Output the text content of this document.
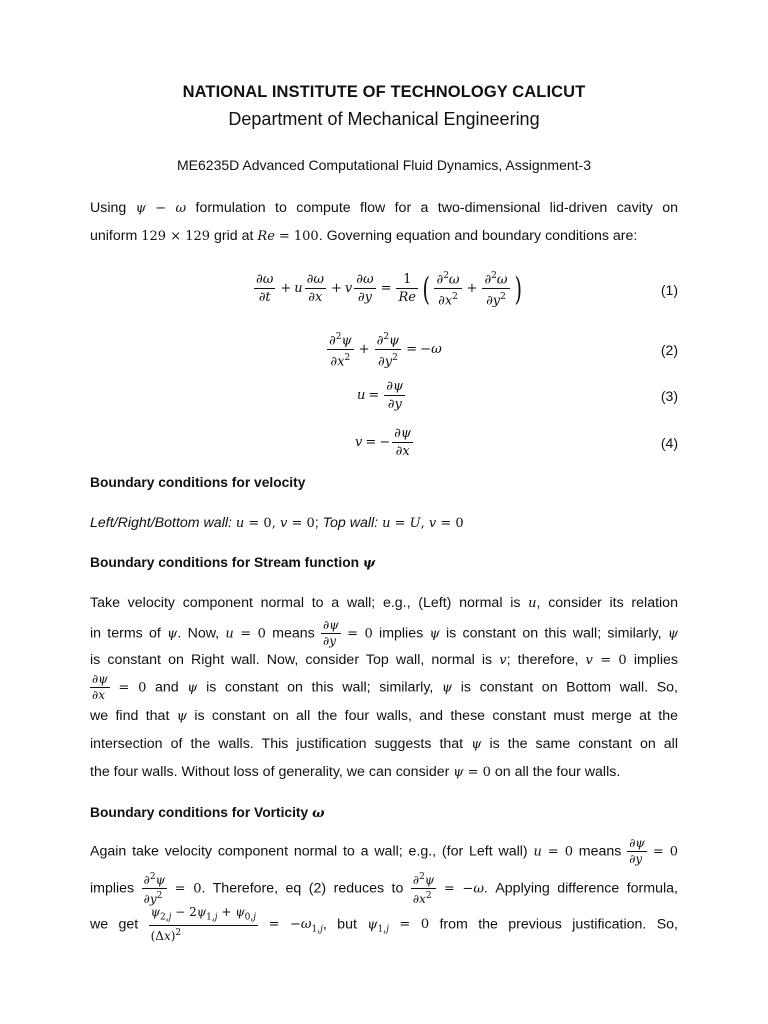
NATIONAL INSTITUTE OF TECHNOLOGY CALICUT
Department of Mechanical Engineering
ME6235D Advanced Computational Fluid Dynamics, Assignment-3
Using ψ − ω formulation to compute flow for a two-dimensional lid-driven cavity on
uniform 129 × 129 grid at Re = 100. Governing equation and boundary conditions are:
$\frac{\partial\omega}{\partial t} + u \frac{\partial\omega}{\partial x} + v \frac{\partial\omega}{\partial y} = \frac{1}{Re}$ ( $\frac{\partial^2\omega}{\partial x^2} + \frac{\partial^2\omega}{\partial y^2}$ )	(1)
$\frac{\partial^2\psi}{\partial x^2} + \frac{\partial^2\psi}{\partial y^2} = -\omega$	(2)
$u = \frac{\partial\psi}{\partial y}$	(3)
v = − $\frac{\partial\psi}{\partial x}$	(4)
Boundary conditions for velocity
Left/Right/Bottom wall: u = 0, v = 0; Top wall: u = U, v = 0
Boundary conditions for Stream function ψ
Take velocity component normal to a wall; e.g., (Left) normal is u, consider its relation
in terms of ψ. Now, u = 0 means $\frac{\partial\psi}{\partial y} = 0$ implies ψ is constant on this wall; similarly, ψ
is constant on Right wall. Now, consider Top wall, normal is v; therefore, v = 0 implies
$\frac{\partial\psi}{\partial x} = 0$ and ψ is constant on this wall; similarly, ψ is constant on Bottom wall. So,
we find that ψ is constant on all the four walls, and these constant must merge at the
intersection of the walls. This justification suggests that ψ is the same constant on all
the four walls. Without loss of generality, we can consider ψ = 0 on all the four walls.
Boundary conditions for Vorticity ω
Again take velocity component normal to a wall; e.g., (for Left wall) u = 0 means $\frac{\partial\psi}{\partial y} = 0$
implies $\frac{\partial^2\psi}{\partial y^2} = 0$. Therefore, eq (2) reduces to $\frac{\partial^2\psi}{\partial x^2} = -\omega$. Applying difference formula,
we get $\frac{\psi_{2,j} - 2\psi_{1,j} + \psi_{0,j}}{(\Delta x)^2} = -\omega_{1,j}$, but $\psi_{1,j} = 0$ from the previous justification. So,
